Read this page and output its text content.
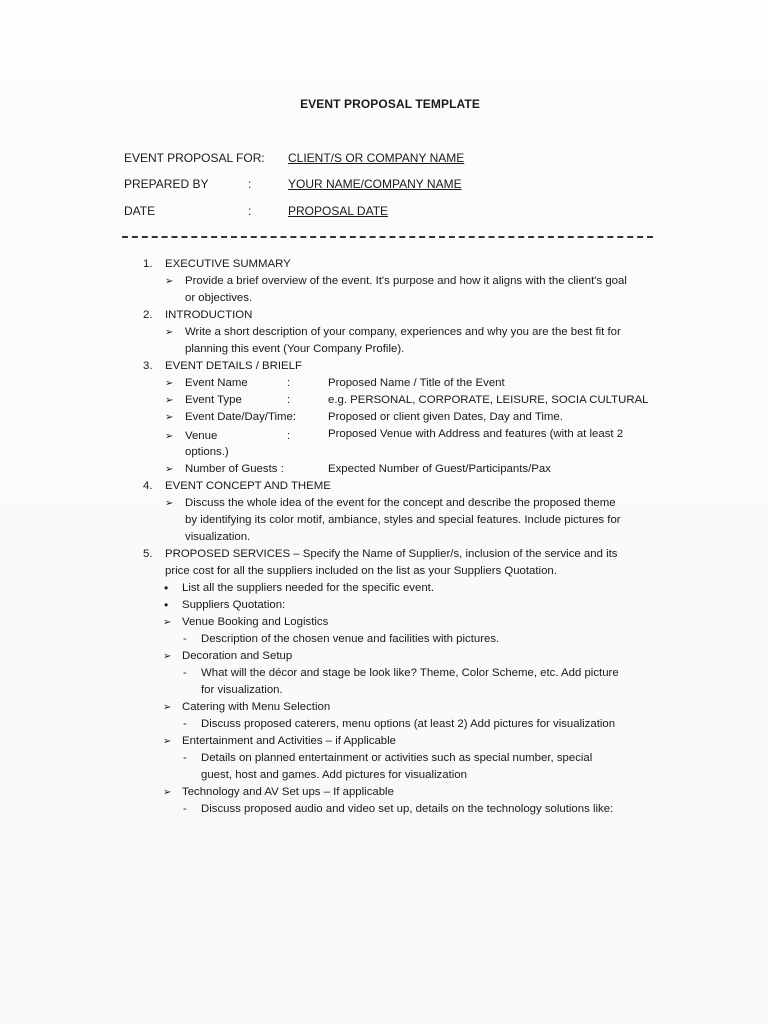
EVENT PROPOSAL TEMPLATE
EVENT PROPOSAL FOR: CLIENT/S OR COMPANY NAME
PREPARED BY	:	YOUR NAME/COMPANY NAME
DATE	:	PROPOSAL DATE
1. EXECUTIVE SUMMARY
➢ Provide a brief overview of the event. It's purpose and how it aligns with the client's goal
or objectives.
2. INTRODUCTION
➢ Write a short description of your company, experiences and why you are the best fit for
planning this event (Your Company Profile).
3. EVENT DETAILS / BRIELF
➢ Event Name	:	Proposed Name / Title of the Event
➢ Event Type	:	e.g. PERSONAL, CORPORATE, LEISURE, SOCIA CULTURAL
➢ Event Date/Day/Time:	Proposed or client given Dates, Day and Time.
➢ Venue	:	Proposed Venue with Address and features (with at least 2
options.)
➢ Number of Guests :	Expected Number of Guest/Participants/Pax
4. EVENT CONCEPT AND THEME
➢ Discuss the whole idea of the event for the concept and describe the proposed theme
by identifying its color motif, ambiance, styles and special features. Include pictures for
visualization.
5. PROPOSED SERVICES – Specify the Name of Supplier/s, inclusion of the service and its
price cost for all the suppliers included on the list as your Suppliers Quotation.
• List all the suppliers needed for the specific event.
• Suppliers Quotation:
➢ Venue Booking and Logistics
- Description of the chosen venue and facilities with pictures.
➢ Decoration and Setup
- What will the décor and stage be look like? Theme, Color Scheme, etc. Add picture
for visualization.
➢ Catering with Menu Selection
- Discuss proposed caterers, menu options (at least 2) Add pictures for visualization
➢ Entertainment and Activities – if Applicable
- Details on planned entertainment or activities such as special number, special
guest, host and games. Add pictures for visualization
➢ Technology and AV Set ups – If applicable
- Discuss proposed audio and video set up, details on the technology solutions like:
